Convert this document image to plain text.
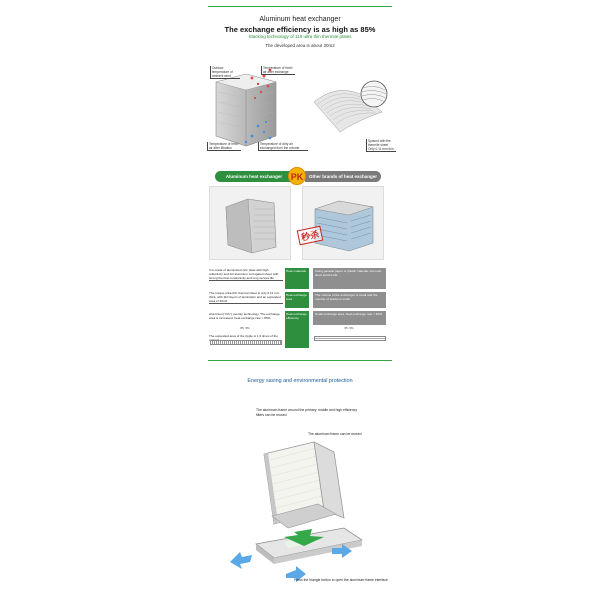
Aluminum heat exchanger
The exchange efficiency is as high as 85%
Stacking technology of 110 ultra thin thermite plates
The developed area is about 30m2
Outdoor temperature of ambient wind
Temperature of fresh air after exchange
Temperature of fresh air after filtration
Temperature of dirty air exchanged from the volume
Spaced with the thermite sheet Only 0.11 mm thin
Aluminum heat exchanger	Other brands of heat exchanger
PK
秒杀
It is made of aluminized zinc plate with high reflectivity and foil aluminum corrugated sheet with strong thermal conductivity and long service life
The unique ultra-thin thermal sheet is only 0.11 mm thick, with 110 layers of lamination and an expanded area of 30m2
Aluminum("Λ/Λ") overlay technology. The exchange area is increased, heat exchange rate > 85%
The expanded area of the ripple is 1.9 times of the
Heat materials
Heat exchange area
Heat exchange efficiency
Using general paper or plastic material, low cost, short service life
The volume of the exchanger is small and the number of stacks is small
Small exchange area, heat exchange rate < 60%
85, 5%	65, 5%
Energy saving and environmental protection
The aluminum frame around the primary, middle and high efficiency filters can be reused
The aluminum frame can be reused
Press the triangle button to open the aluminum frame interface
